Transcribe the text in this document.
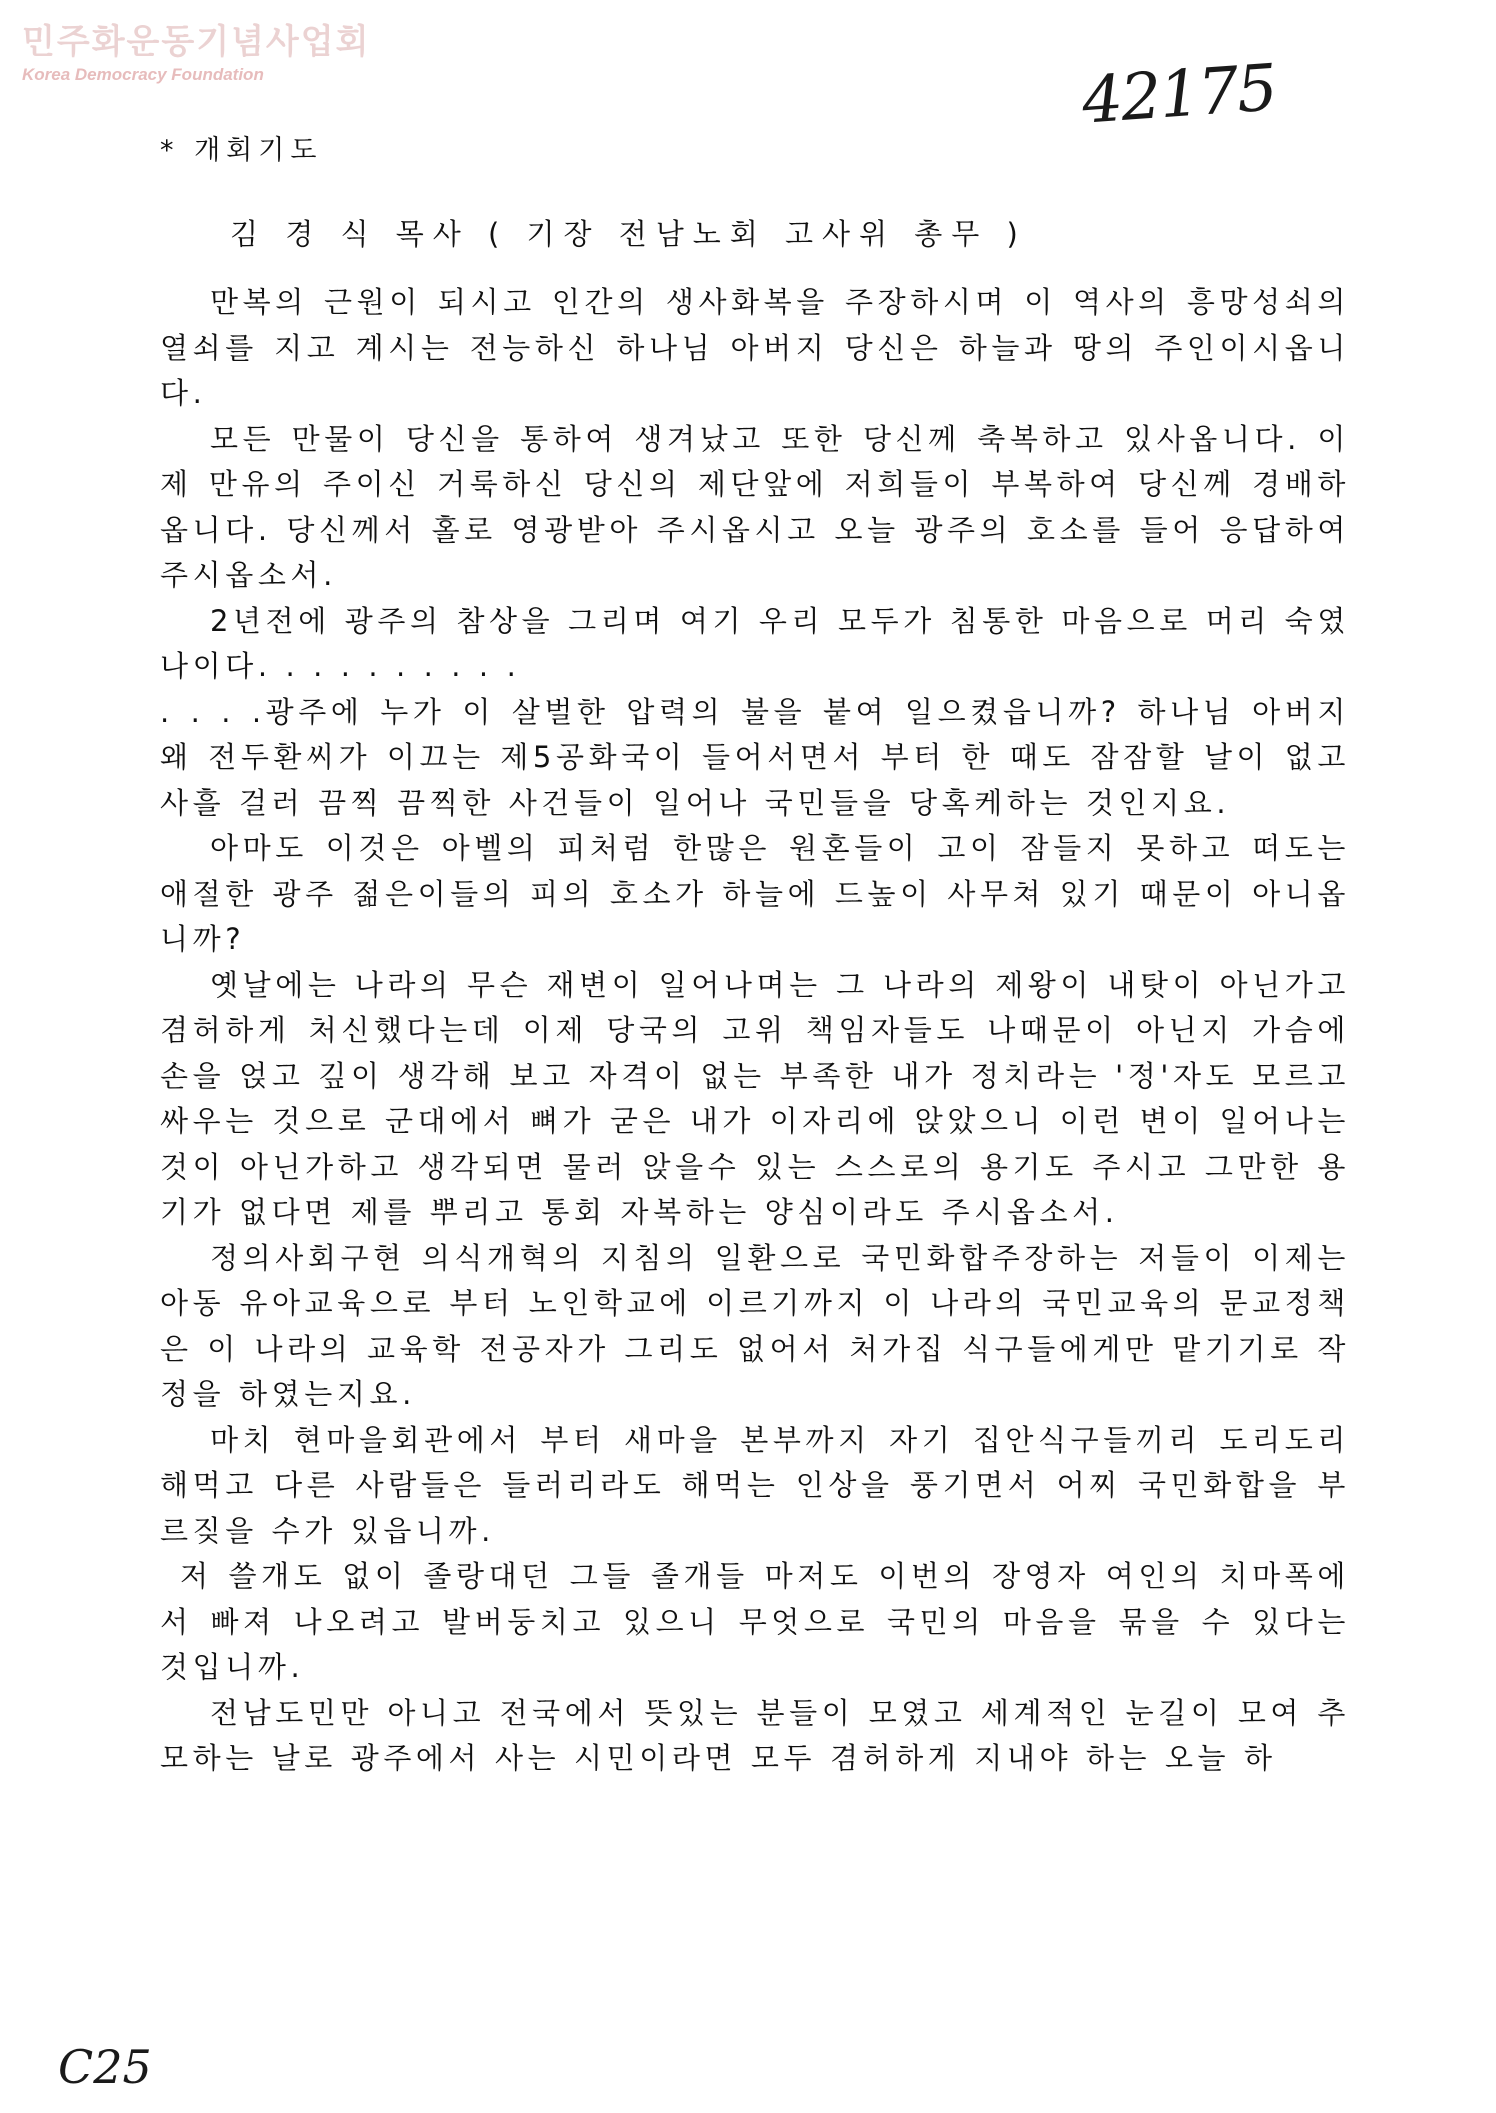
민주화운동기념사업회
Korea Democracy Foundation	42175
* 개회기도
김 경 식 목사 ( 기장 전남노회 고사위 총무 )

만복의 근원이 되시고 인간의 생사화복을 주장하시며 이 역사의 흥망성쇠의 열쇠를 지고 계시는 전능하신 하나님 아버지 당신은 하늘과 땅의 주인이시옵니다.

모든 만물이 당신을 통하여 생겨났고 또한 당신께 축복하고 있사옵니다. 이제 만유의 주이신 거룩하신 당신의 제단앞에 저희들이 부복하여 당신께 경배하옵니다. 당신께서 홀로 영광받아 주시옵시고 오늘 광주의 호소를 들어 응답하여 주시옵소서.

2년전에 광주의 참상을 그리며 여기 우리 모두가 침통한 마음으로 머리 숙였나이다. . . . . . . . . .

. . . .광주에 누가 이 살벌한 압력의 불을 붙여 일으켰읍니까? 하나님 아버지 왜 전두환씨가 이끄는 제5공화국이 들어서면서 부터 한 때도 잠잠할 날이 없고 사흘 걸러 끔찍 끔찍한 사건들이 일어나 국민들을 당혹케하는 것인지요.

아마도 이것은 아벨의 피처럼 한많은 원혼들이 고이 잠들지 못하고 떠도는 애절한 광주 젊은이들의 피의 호소가 하늘에 드높이 사무쳐 있기 때문이 아니옵니까?

옛날에는 나라의 무슨 재변이 일어나며는 그 나라의 제왕이 내탓이 아닌가고 겸허하게 처신했다는데 이제 당국의 고위 책임자들도 나때문이 아닌지 가슴에 손을 얹고 깊이 생각해 보고 자격이 없는 부족한 내가 정치라는 '정'자도 모르고 싸우는 것으로 군대에서 뼈가 굳은 내가 이자리에 앉았으니 이런 변이 일어나는 것이 아닌가하고 생각되면 물러 앉을수 있는 스스로의 용기도 주시고 그만한 용기가 없다면 제를 뿌리고 통회 자복하는 양심이라도 주시옵소서.

정의사회구현 의식개혁의 지침의 일환으로 국민화합주장하는 저들이 이제는 아동 유아교육으로 부터 노인학교에 이르기까지 이 나라의 국민교육의 문교정책은 이 나라의 교육학 전공자가 그리도 없어서 처가집 식구들에게만 맡기기로 작정을 하였는지요.

마치 현마을회관에서 부터 새마을 본부까지 자기 집안식구들끼리 도리도리 해먹고 다른 사람들은 들러리라도 해먹는 인상을 풍기면서 어찌 국민화합을 부르짖을 수가 있읍니까.

저 쓸개도 없이 졸랑대던 그들 졸개들 마저도 이번의 장영자 여인의 치마폭에서 빠져 나오려고 발버둥치고 있으니 무엇으로 국민의 마음을 묶을 수 있다는 것입니까.

전남도민만 아니고 전국에서 뜻있는 분들이 모였고 세계적인 눈길이 모여 추모하는 날로 광주에서 사는 시민이라면 모두 겸허하게 지내야 하는 오늘 하

C25
